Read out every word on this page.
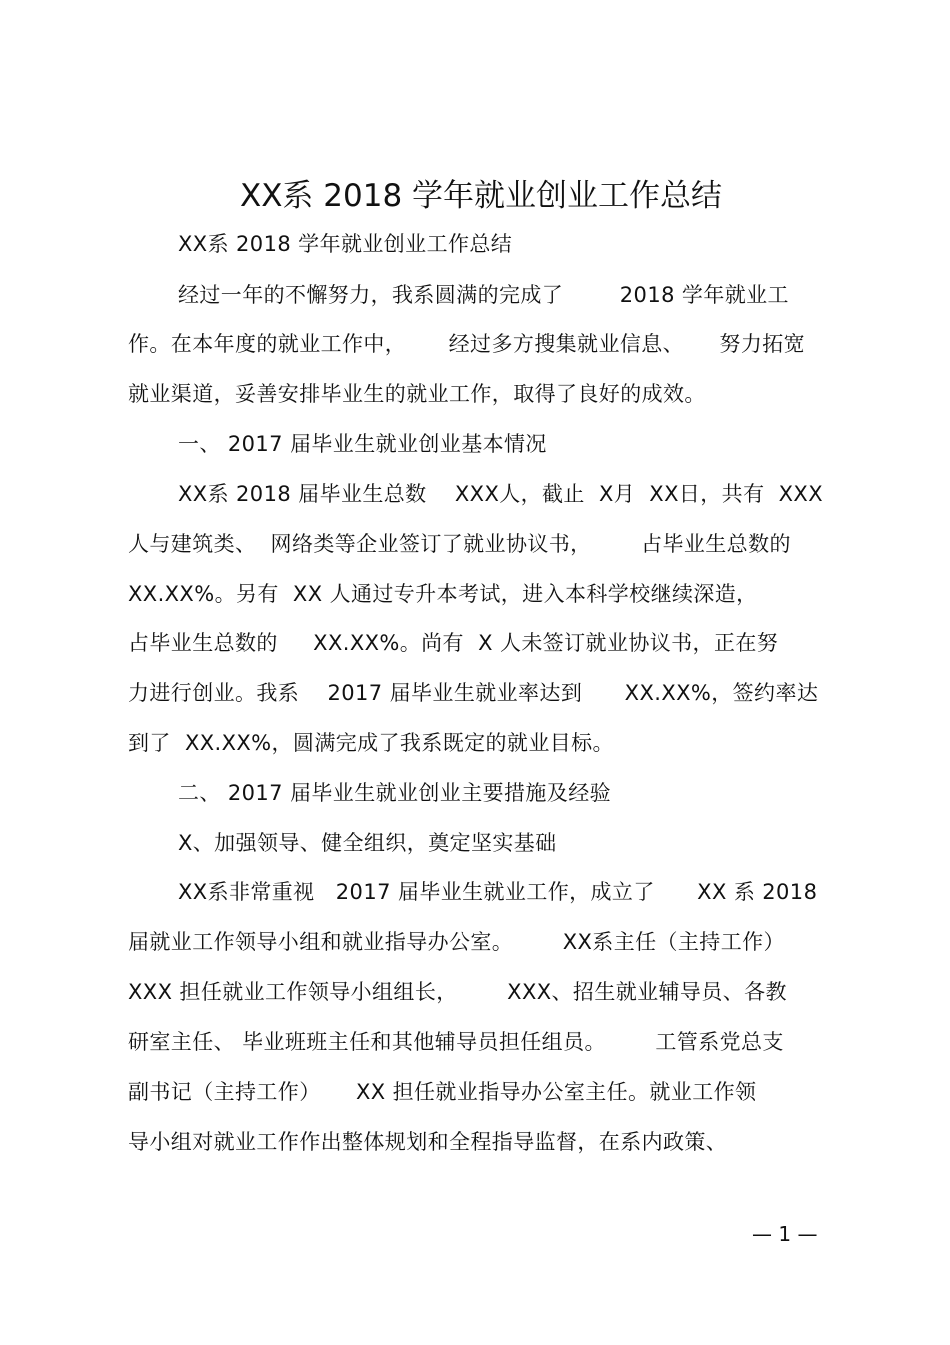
XX系 2018 学年就业创业工作总结
XX系 2018 学年就业创业工作总结
经过一年的不懈努力，我系圆满的完成了        2018 学年就业工
作。在本年度的就业工作中，      经过多方搜集就业信息、     努力拓宽
就业渠道，妥善安排毕业生的就业工作，取得了良好的成效。
一、 2017 届毕业生就业创业基本情况
XX系 2018 届毕业生总数    XXX人，截止  X月  XX日，共有  XXX
人与建筑类、  网络类等企业签订了就业协议书，       占毕业生总数的
XX.XX%。另有  XX 人通过专升本考试，进入本科学校继续深造，
占毕业生总数的     XX.XX%。尚有  X 人未签订就业协议书，正在努
力进行创业。我系    2017 届毕业生就业率达到      XX.XX%，签约率达
到了  XX.XX%，圆满完成了我系既定的就业目标。
二、 2017 届毕业生就业创业主要措施及经验
X、加强领导、健全组织，奠定坚实基础
XX系非常重视   2017 届毕业生就业工作，成立了      XX 系 2018
届就业工作领导小组和就业指导办公室。       XX系主任（主持工作）
XXX 担任就业工作领导小组组长，       XXX、招生就业辅导员、各教
研室主任、 毕业班班主任和其他辅导员担任组员。       工管系党总支
副书记（主持工作）     XX 担任就业指导办公室主任。就业工作领
导小组对就业工作作出整体规划和全程指导监督，在系内政策、
— 1 —
